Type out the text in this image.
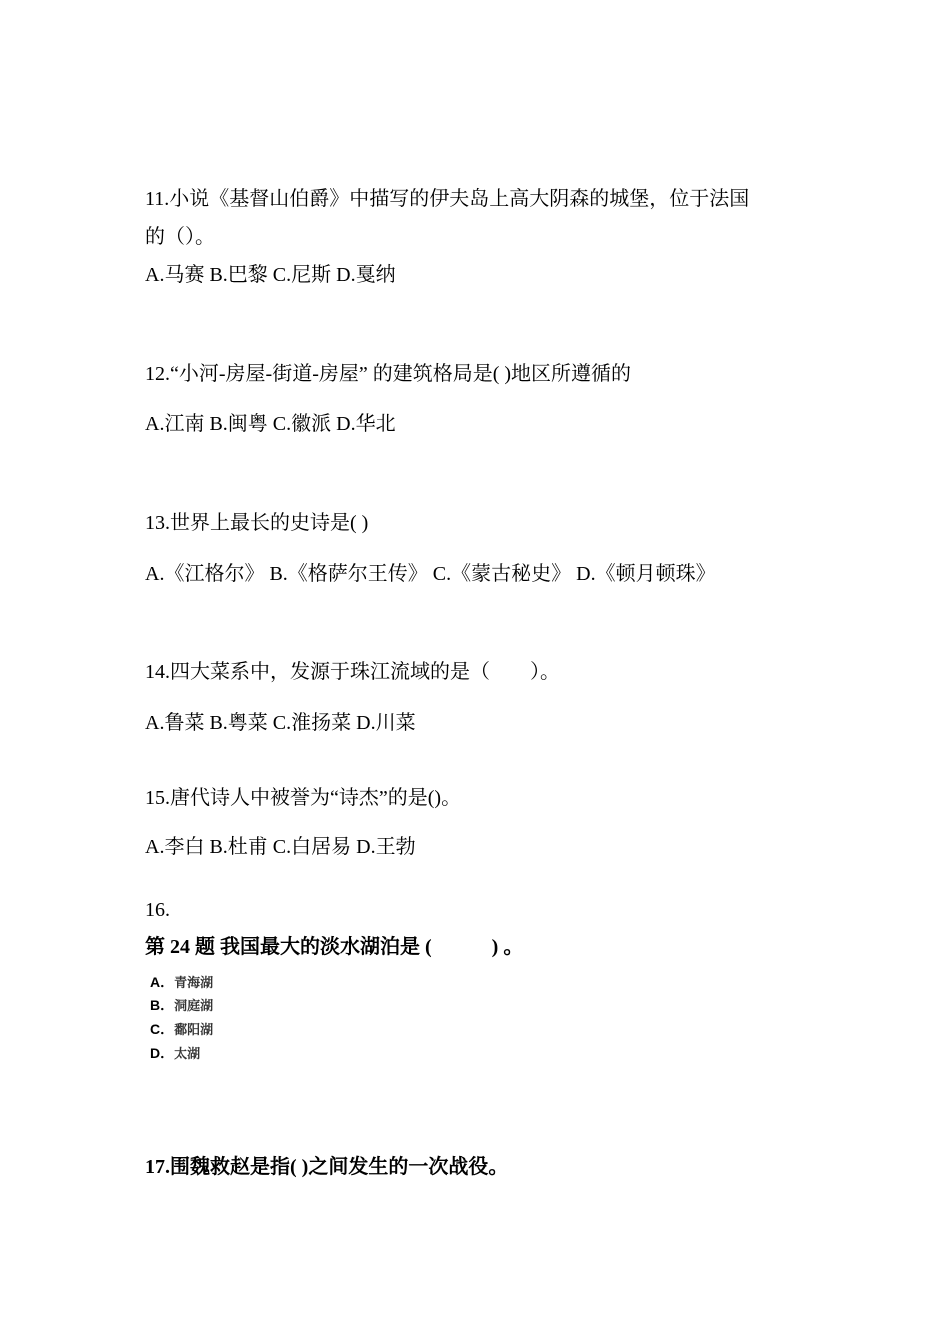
11.小说《基督山伯爵》中描写的伊夫岛上高大阴森的城堡，位于法国
的（）。
A.马赛 B.巴黎 C.尼斯 D.戛纳
12.“小河-房屋-街道-房屋” 的建筑格局是( )地区所遵循的
A.江南 B.闽粤 C.徽派 D.华北
13.世界上最长的史诗是( )
A.《江格尔》 B.《格萨尔王传》 C.《蒙古秘史》 D.《顿月顿珠》
14.四大菜系中，发源于珠江流域的是（　　）。
A.鲁菜 B.粤菜 C.淮扬菜 D.川菜
15.唐代诗人中被誉为“诗杰”的是()。
A.李白 B.杜甫 C.白居易 D.王勃
16.
第 24 题 我国最大的淡水湖泊是 (　　　) 。
A．青海湖
B．洞庭湖
C．鄱阳湖
D．太湖
17.围魏救赵是指( )之间发生的一次战役。
